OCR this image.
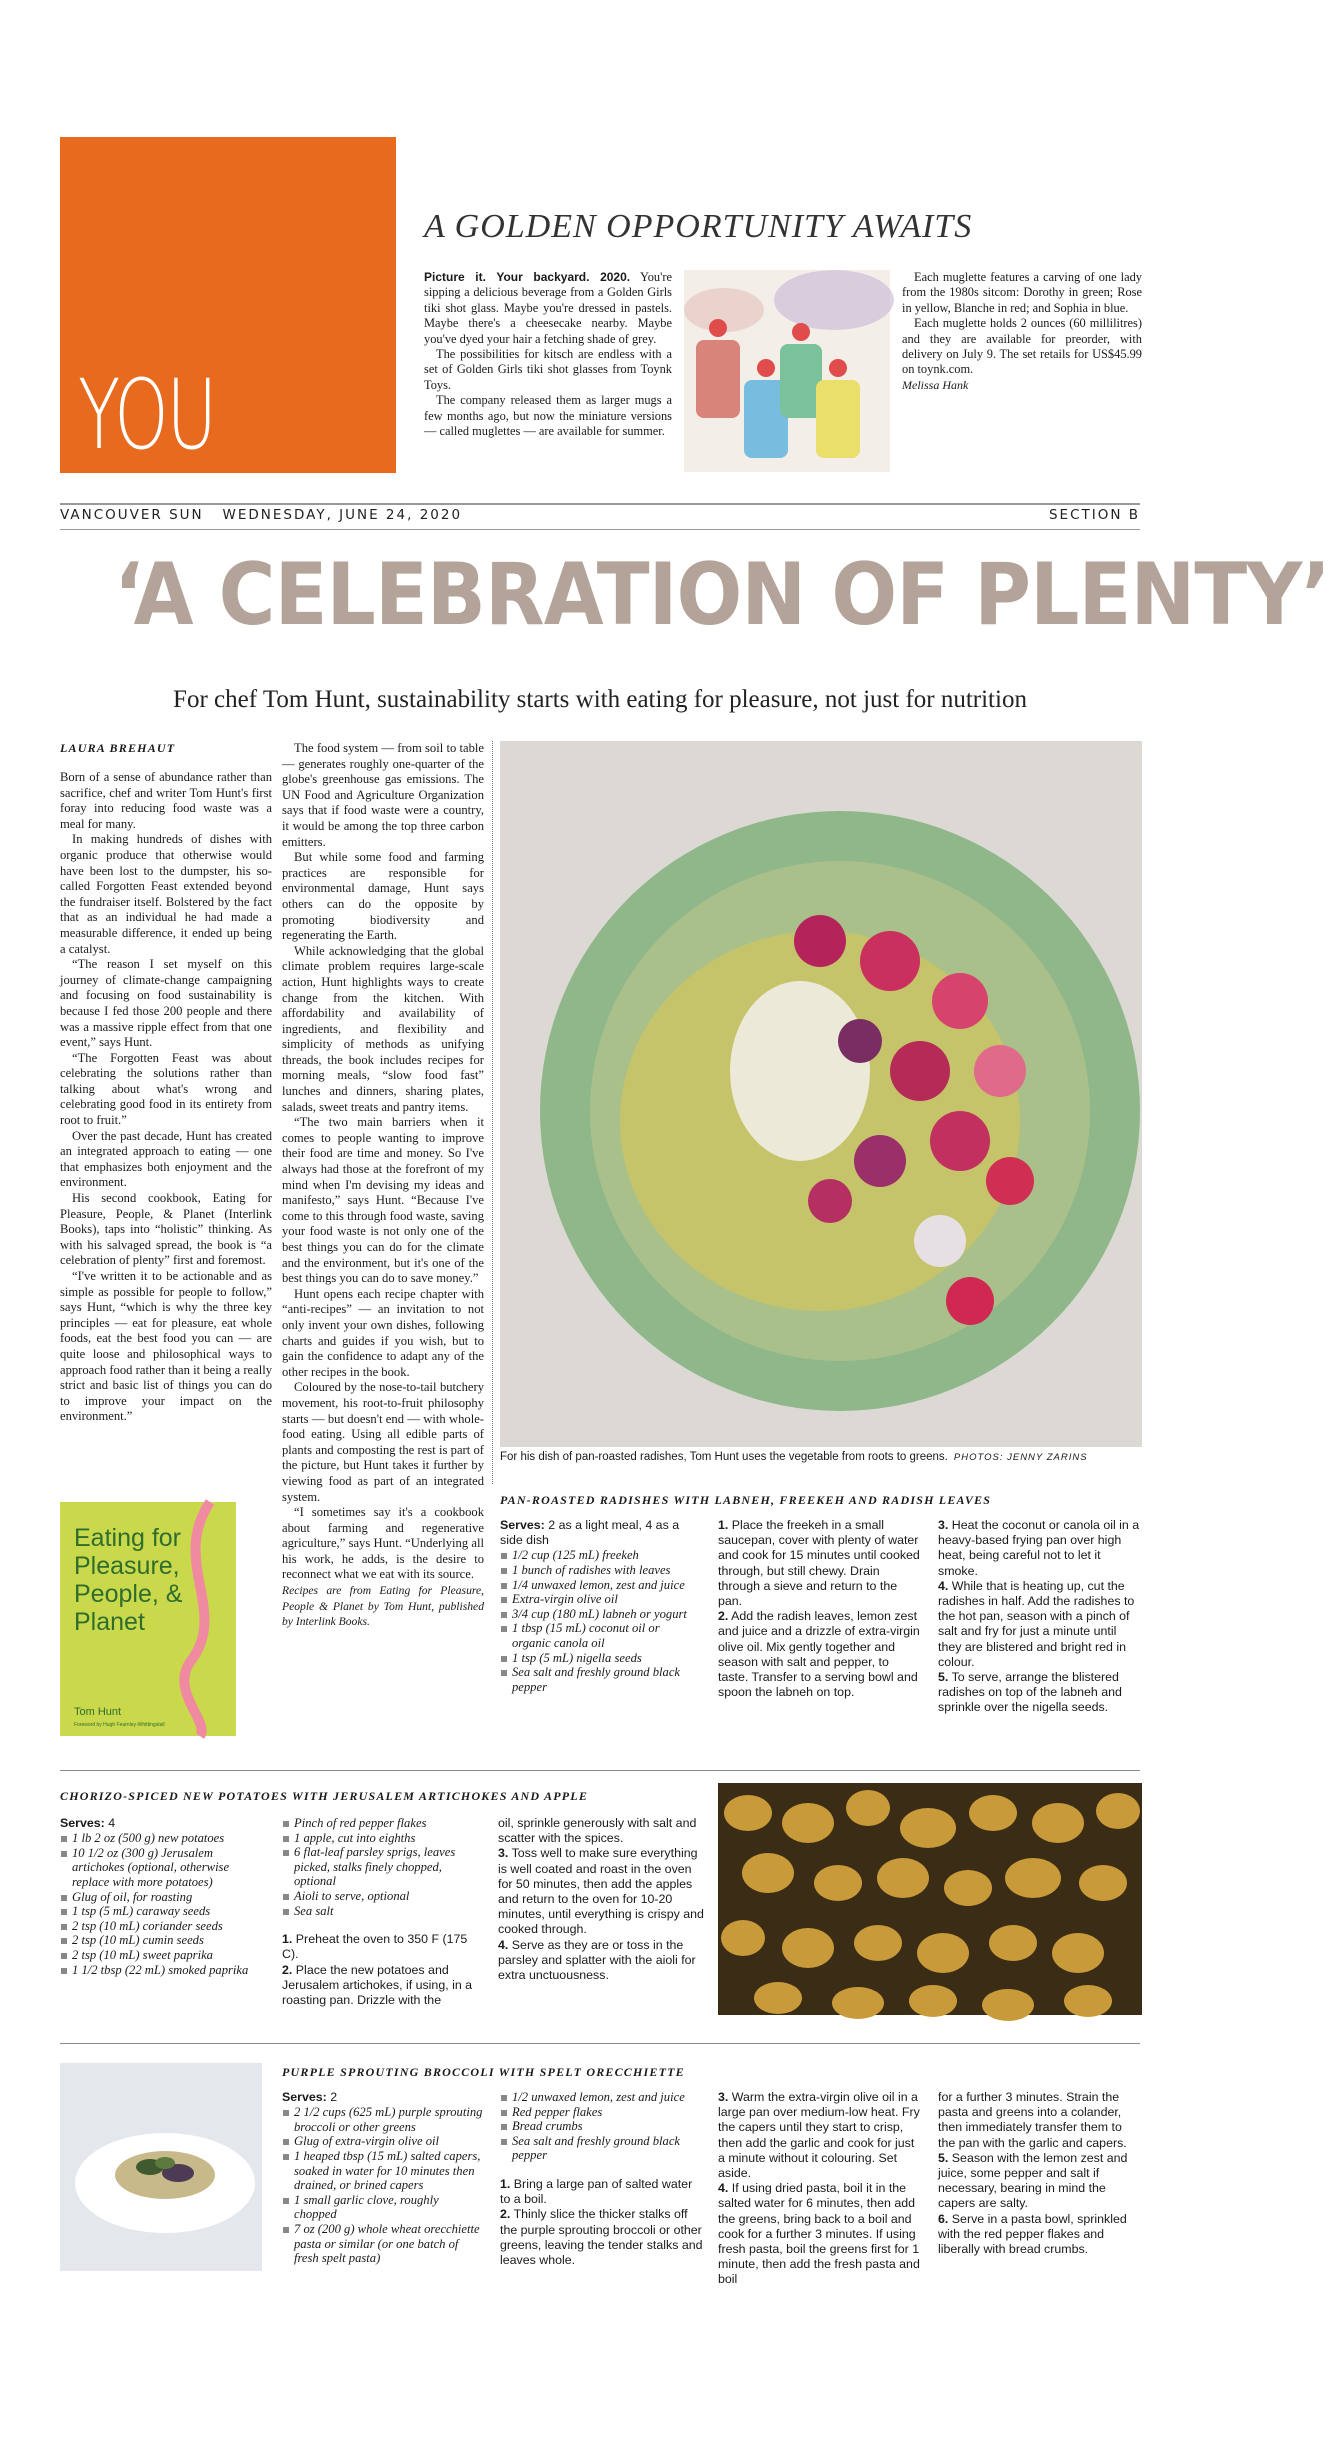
YOU
A GOLDEN OPPORTUNITY AWAITS

Picture it. Your backyard. 2020. You're sipping a delicious beverage from a Golden Girls tiki shot glass. Maybe you're dressed in pastels. Maybe there's a cheesecake nearby. Maybe you've dyed your hair a fetching shade of grey.

The possibilities for kitsch are endless with a set of Golden Girls tiki shot glasses from Toynk Toys.

The company released them as larger mugs a few months ago, but now the miniature versions — called muglettes — are available for summer.

Each muglette features a carving of one lady from the 1980s sitcom: Dorothy in green; Rose in yellow, Blanche in red; and Sophia in blue.

Each muglette holds 2 ounces (60 millilitres) and they are available for preorder, with delivery on July 9. The set retails for US$45.99 on toynk.com.

Melissa Hank

VANCOUVER SUN WEDNESDAY, JUNE 24, 2020	SECTION B
‘A CELEBRATION OF PLENTY’
For chef Tom Hunt, sustainability starts with eating for pleasure, not just for nutrition
LAURA BREHAUT

Born of a sense of abundance rather than sacrifice, chef and writer Tom Hunt's first foray into reducing food waste was a meal for many.

In making hundreds of dishes with organic produce that otherwise would have been lost to the dumpster, his so-called Forgotten Feast extended beyond the fundraiser itself. Bolstered by the fact that as an individual he had made a measurable difference, it ended up being a catalyst.

“The reason I set myself on this journey of climate-change campaigning and focusing on food sustainability is because I fed those 200 people and there was a massive ripple effect from that one event,” says Hunt.

“The Forgotten Feast was about celebrating the solutions rather than talking about what's wrong and celebrating good food in its entirety from root to fruit.”

Over the past decade, Hunt has created an integrated approach to eating — one that emphasizes both enjoyment and the environment.

His second cookbook, Eating for Pleasure, People, & Planet (Interlink Books), taps into “holistic” thinking. As with his salvaged spread, the book is “a celebration of plenty” first and foremost.

“I've written it to be actionable and as simple as possible for people to follow,” says Hunt, “which is why the three key principles — eat for pleasure, eat whole foods, eat the best food you can — are quite loose and philosophical ways to approach food rather than it being a really strict and basic list of things you can do to improve your impact on the environment.”

The food system — from soil to table — generates roughly one-quarter of the globe's greenhouse gas emissions. The UN Food and Agriculture Organization says that if food waste were a country, it would be among the top three carbon emitters.

But while some food and farming practices are responsible for environmental damage, Hunt says others can do the opposite by promoting biodiversity and regenerating the Earth.

While acknowledging that the global climate problem requires large-scale action, Hunt highlights ways to create change from the kitchen. With affordability and availability of ingredients, and flexibility and simplicity of methods as unifying threads, the book includes recipes for morning meals, “slow food fast” lunches and dinners, sharing plates, salads, sweet treats and pantry items.

“The two main barriers when it comes to people wanting to improve their food are time and money. So I've always had those at the forefront of my mind when I'm devising my ideas and manifesto,” says Hunt. “Because I've come to this through food waste, saving your food waste is not only one of the best things you can do for the climate and the environment, but it's one of the best things you can do to save money.”

Hunt opens each recipe chapter with “anti-recipes” — an invitation to not only invent your own dishes, following charts and guides if you wish, but to gain the confidence to adapt any of the other recipes in the book.

Coloured by the nose-to-tail butchery movement, his root-to-fruit philosophy starts — but doesn't end — with whole-food eating. Using all edible parts of plants and composting the rest is part of the picture, but Hunt takes it further by viewing food as part of an integrated system.

“I sometimes say it's a cookbook about farming and regenerative agriculture,” says Hunt. “Underlying all his work, he adds, is the desire to reconnect what we eat with its source.

Recipes are from Eating for Pleasure, People & Planet by Tom Hunt, published by Interlink Books.

Eating for Pleasure, People, & Planet
Tom Hunt
Foreword by Hugh Fearnley-Whittingstall
For his dish of pan-roasted radishes, Tom Hunt uses the vegetable from roots to greens. PHOTOS: JENNY ZARINS
PAN-ROASTED RADISHES WITH LABNEH, FREEKEH AND RADISH LEAVES
Serves: 2 as a light meal, 4 as a side dish
1/2 cup (125 mL) freekeh
1 bunch of radishes with leaves
1/4 unwaxed lemon, zest and juice
Extra-virgin olive oil
3/4 cup (180 mL) labneh or yogurt
1 tbsp (15 mL) coconut oil or organic canola oil
1 tsp (5 mL) nigella seeds
Sea salt and freshly ground black pepper
1. Place the freekeh in a small saucepan, cover with plenty of water and cook for 15 minutes until cooked through, but still chewy. Drain through a sieve and return to the pan.
2. Add the radish leaves, lemon zest and juice and a drizzle of extra-virgin olive oil. Mix gently together and season with salt and pepper, to taste. Transfer to a serving bowl and spoon the labneh on top.
3. Heat the coconut or canola oil in a heavy-based frying pan over high heat, being careful not to let it smoke.
4. While that is heating up, cut the radishes in half. Add the radishes to the hot pan, season with a pinch of salt and fry for just a minute until they are blistered and bright red in colour.
5. To serve, arrange the blistered radishes on top of the labneh and sprinkle over the nigella seeds.
CHORIZO-SPICED NEW POTATOES WITH JERUSALEM ARTICHOKES AND APPLE
Serves: 4
1 lb 2 oz (500 g) new potatoes
10 1/2 oz (300 g) Jerusalem artichokes (optional, otherwise replace with more potatoes)
Glug of oil, for roasting
1 tsp (5 mL) caraway seeds
2 tsp (10 mL) coriander seeds
2 tsp (10 mL) cumin seeds
2 tsp (10 mL) sweet paprika
1 1/2 tbsp (22 mL) smoked paprika
Pinch of red pepper flakes
1 apple, cut into eighths
6 flat-leaf parsley sprigs, leaves picked, stalks finely chopped, optional
Aioli to serve, optional
Sea salt
1. Preheat the oven to 350 F (175 C).
2. Place the new potatoes and Jerusalem artichokes, if using, in a roasting pan. Drizzle with the
oil, sprinkle generously with salt and scatter with the spices.
3. Toss well to make sure everything is well coated and roast in the oven for 50 minutes, then add the apples and return to the oven for 10-20 minutes, until everything is crispy and cooked through.
4. Serve as they are or toss in the parsley and splatter with the aioli for extra unctuousness.
PURPLE SPROUTING BROCCOLI WITH SPELT ORECCHIETTE
Serves: 2
2 1/2 cups (625 mL) purple sprouting broccoli or other greens
Glug of extra-virgin olive oil
1 heaped tbsp (15 mL) salted capers, soaked in water for 10 minutes then drained, or brined capers
1 small garlic clove, roughly chopped
7 oz (200 g) whole wheat orecchiette pasta or similar (or one batch of fresh spelt pasta)
1/2 unwaxed lemon, zest and juice
Red pepper flakes
Bread crumbs
Sea salt and freshly ground black pepper
1. Bring a large pan of salted water to a boil.
2. Thinly slice the thicker stalks off the purple sprouting broccoli or other greens, leaving the tender stalks and leaves whole.
3. Warm the extra-virgin olive oil in a large pan over medium-low heat. Fry the capers until they start to crisp, then add the garlic and cook for just a minute without it colouring. Set aside.
4. If using dried pasta, boil it in the salted water for 6 minutes, then add the greens, bring back to a boil and cook for a further 3 minutes. If using fresh pasta, boil the greens first for 1 minute, then add the fresh pasta and boil
for a further 3 minutes. Strain the pasta and greens into a colander, then immediately transfer them to the pan with the garlic and capers.
5. Season with the lemon zest and juice, some pepper and salt if necessary, bearing in mind the capers are salty.
6. Serve in a pasta bowl, sprinkled with the red pepper flakes and liberally with bread crumbs.
